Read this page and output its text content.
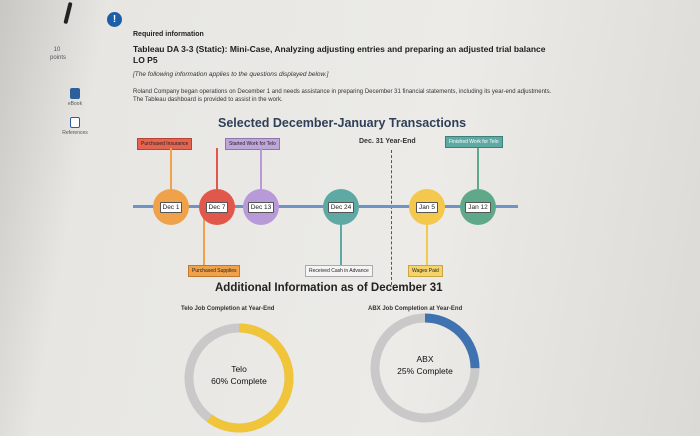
!
10
points
eBook
References
Required information
Tableau DA 3-3 (Static): Mini-Case, Analyzing adjusting entries and preparing an adjusted trial balance
LO P5
[The following information applies to the questions displayed below.]
Roland Company began operations on December 1 and needs assistance in preparing December 31 financial statements, including its year-end adjustments. The Tableau dashboard is provided to assist in the work.
Selected December-January Transactions
Purchased Insurance	Started Work for Telo	Dec. 31 Year-End	Finished Work for Telo
Dec 1	Dec 7	Dec 13	Dec 24	Jan 5	Jan 12
Purchased Supplies	Received Cash in Advance	Wages Paid
Additional Information as of December 31
Telo Job Completion at Year-End	ABX Job Completion at Year-End
Telo
60% Complete
ABX
25% Complete
